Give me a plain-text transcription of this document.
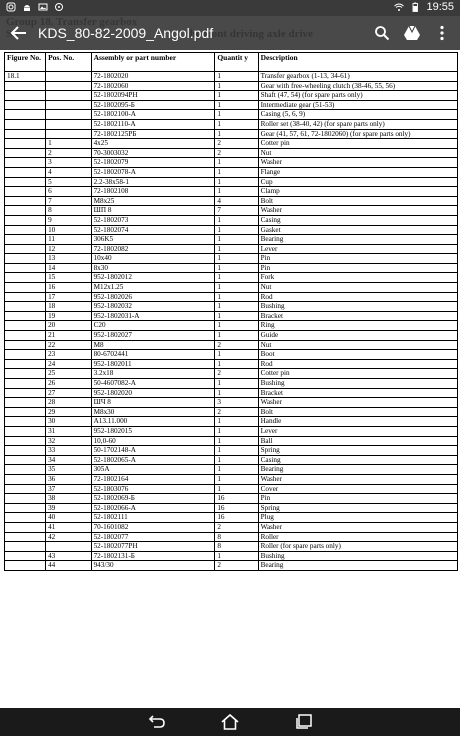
19:55
Figure No.	Pos. No.	Assembly or part number	Quantit y	Description
18.1		72-1802020	1	Transfer gearbox (1-13, 34-61)
		72-1802060	1	Gear with free-wheeling clutch (38-46, 55, 56)
		52-1802094PH	1	Shaft (47, 54) (for spare parts only)
		52-1802095-Б	1	Intermediate gear (51-53)
		52-1802100-A	1	Casing (5, 6, 9)
		52-1802110-A	1	Roller set (38-40, 42) (for spare parts only)
		72-1802125РБ	1	Gear (41, 57, 61, 72-1802060) (for spare parts only)
	1	4x25	2	Cotter pin
	2	70-3003032	2	Nut
	3	52-1802079	1	Washer
	4	52-1802078-A	1	Flange
	5	2.2-38x58-1	1	Cup
	6	72-1802108	1	Clamp
	7	M8x25	4	Bolt
	8	ШП 8	7	Washer
	9	52-1802073	1	Casing
	10	52-1802074	1	Gasket
	11	306K5	1	Bearing
	12	72-1802082	1	Lever
	13	10x40	1	Pin
	14	8x30	1	Pin
	15	952-1802012	1	Fork
	16	M12x1.25	1	Nut
	17	952-1802026	1	Rod
	18	952-1802032	1	Bushing
	19	952-1802031-A	1	Bracket
	20	C20	1	Ring
	21	952-1802027	1	Guide
	22	M8	2	Nut
	23	80-6702441	1	Boot
	24	952-1802011	1	Rod
	25	3.2x18	2	Cotter pin
	26	50-4607082-A	1	Bushing
	27	952-1802020	1	Bracket
	28	ШЧ 8	3	Washer
	29	M8x30	2	Bolt
	30	A13.11.000	1	Handle
	31	952-1802015	1	Lever
	32	10,0-60	1	Ball
	33	50-1702148-A	1	Spring
	34	52-1802065-A	1	Casing
	35	305A	1	Bearing
	36	72-1802164	1	Washer
	37	52-1803076	1	Cover
	38	52-1802069-Б	16	Pin
	39	52-1802066-A	16	Spring
	40	52-1802111	16	Plug
	41	70-1601082	2	Washer
	42	52-1802077	8	Roller
		52-1802077PH	8	Roller (for spare parts only)
	43	72-1802131-Б	1	Bushing
	44	943/30	2	Bearing
KDS_80-82-2009_Angol.pdf
